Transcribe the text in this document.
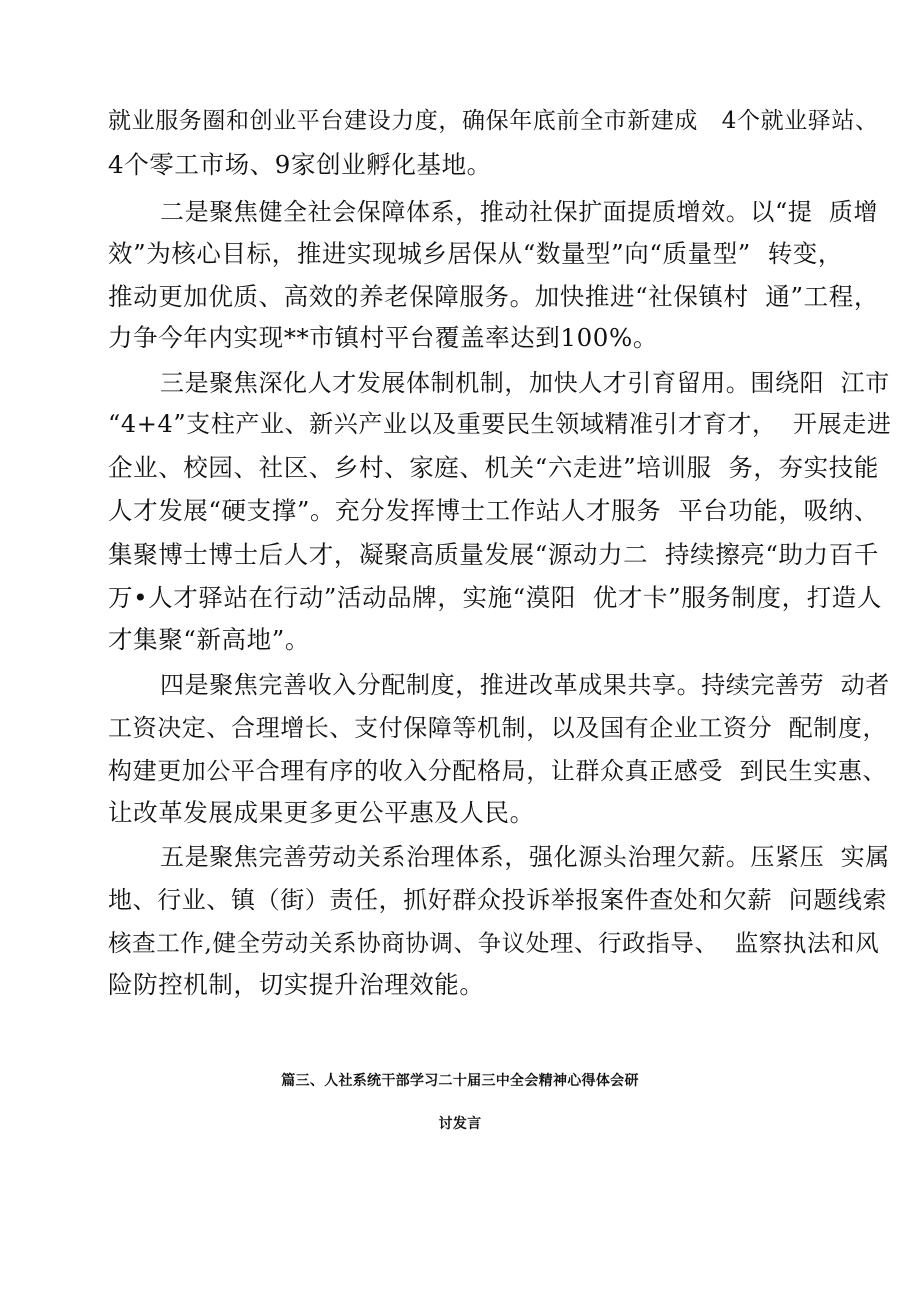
就业服务圈和创业平台建设力度，确保年底前全市新建成   4个就业驿站、

4个零工市场、9家创业孵化基地。

二是聚焦健全社会保障体系，推动社保扩面提质增效。以“提  质增

效”为核心目标，推进实现城乡居保从“数量型”向“质量型”  转变，

推动更加优质、高效的养老保障服务。加快推进“社保镇村  通”工程，

力争今年内实现**市镇村平台覆盖率达到100%。

三是聚焦深化人才发展体制机制，加快人才引育留用。围绕阳  江市

“4+4”支柱产业、新兴产业以及重要民生领域精准引才育才，  开展走进

企业、校园、社区、乡村、家庭、机关“六走进”培训服  务，夯实技能

人才发展“硬支撑”。充分发挥博士工作站人才服务  平台功能，吸纳、

集聚博士博士后人才，凝聚高质量发展“源动力二  持续擦亮“助力百千

万•人才驿站在行动”活动品牌，实施“漠阳  优才卡”服务制度，打造人

才集聚“新高地”。

四是聚焦完善收入分配制度，推进改革成果共享。持续完善劳  动者

工资决定、合理增长、支付保障等机制，以及国有企业工资分  配制度，

构建更加公平合理有序的收入分配格局，让群众真正感受  到民生实惠、

让改革发展成果更多更公平惠及人民。

五是聚焦完善劳动关系治理体系，强化源头治理欠薪。压紧压  实属

地、行业、镇（街）责任，抓好群众投诉举报案件查处和欠薪  问题线索

核查工作,健全劳动关系协商协调、争议处理、行政指导、  监察执法和风

险防控机制，切实提升治理效能。

篇三、人社系统干部学习二十届三中全会精神心得体会研
讨发言
